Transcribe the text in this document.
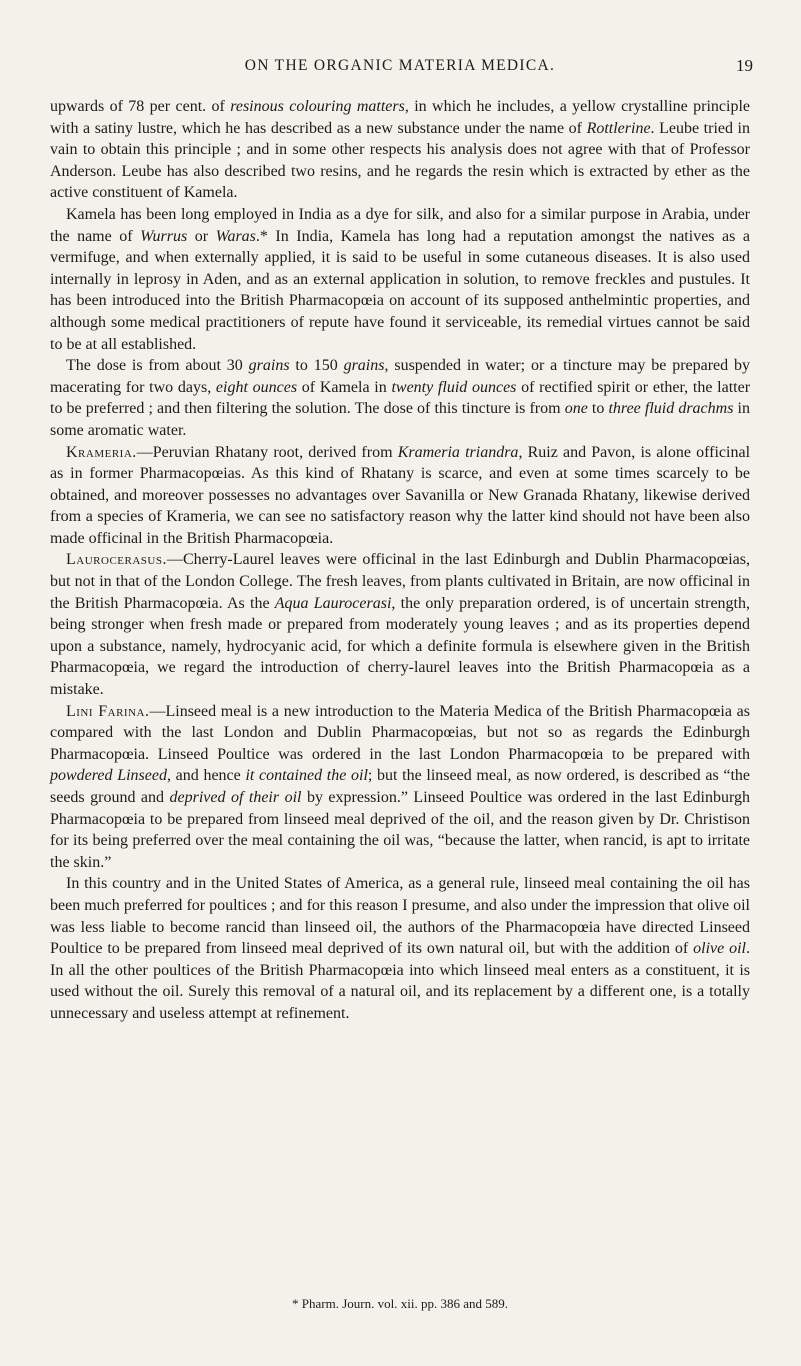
ON THE ORGANIC MATERIA MEDICA.	19

upwards of 78 per cent. of resinous colouring matters, in which he includes, a yellow crystalline principle with a satiny lustre, which he has described as a new substance under the name of Rottlerine. Leube tried in vain to obtain this principle ; and in some other respects his analysis does not agree with that of Professor Anderson. Leube has also described two resins, and he regards the resin which is extracted by ether as the active constituent of Kamela.

Kamela has been long employed in India as a dye for silk, and also for a similar purpose in Arabia, under the name of Wurrus or Waras.* In India, Kamela has long had a reputation amongst the natives as a vermifuge, and when externally applied, it is said to be useful in some cutaneous diseases. It is also used internally in leprosy in Aden, and as an external application in solution, to remove freckles and pustules. It has been introduced into the British Pharmacopœia on account of its supposed anthelmintic properties, and although some medical practitioners of repute have found it serviceable, its remedial virtues cannot be said to be at all established.

The dose is from about 30 grains to 150 grains, suspended in water; or a tincture may be prepared by macerating for two days, eight ounces of Kamela in twenty fluid ounces of rectified spirit or ether, the latter to be preferred ; and then filtering the solution. The dose of this tincture is from one to three fluid drachms in some aromatic water.

Krameria.—Peruvian Rhatany root, derived from Krameria triandra, Ruiz and Pavon, is alone officinal as in former Pharmacopœias. As this kind of Rhatany is scarce, and even at some times scarcely to be obtained, and moreover possesses no advantages over Savanilla or New Granada Rhatany, likewise derived from a species of Krameria, we can see no satisfactory reason why the latter kind should not have been also made officinal in the British Pharmacopœia.

Laurocerasus.—Cherry-Laurel leaves were officinal in the last Edinburgh and Dublin Pharmacopœias, but not in that of the London College. The fresh leaves, from plants cultivated in Britain, are now officinal in the British Pharmacopœia. As the Aqua Laurocerasi, the only preparation ordered, is of uncertain strength, being stronger when fresh made or prepared from moderately young leaves ; and as its properties depend upon a substance, namely, hydrocyanic acid, for which a definite formula is elsewhere given in the British Pharmacopœia, we regard the introduction of cherry-laurel leaves into the British Pharmacopœia as a mistake.

Lini Farina.—Linseed meal is a new introduction to the Materia Medica of the British Pharmacopœia as compared with the last London and Dublin Pharmacopœias, but not so as regards the Edinburgh Pharmacopœia. Linseed Poultice was ordered in the last London Pharmacopœia to be prepared with powdered Linseed, and hence it contained the oil; but the linseed meal, as now ordered, is described as “the seeds ground and deprived of their oil by expression.” Linseed Poultice was ordered in the last Edinburgh Pharmacopœia to be prepared from linseed meal deprived of the oil, and the reason given by Dr. Christison for its being preferred over the meal containing the oil was, “because the latter, when rancid, is apt to irritate the skin.”

In this country and in the United States of America, as a general rule, linseed meal containing the oil has been much preferred for poultices ; and for this reason I presume, and also under the impression that olive oil was less liable to become rancid than linseed oil, the authors of the Pharmacopœia have directed Linseed Poultice to be prepared from linseed meal deprived of its own natural oil, but with the addition of olive oil. In all the other poultices of the British Pharmacopœia into which linseed meal enters as a constituent, it is used without the oil. Surely this removal of a natural oil, and its replacement by a different one, is a totally unnecessary and useless attempt at refinement.

* Pharm. Journ. vol. xii. pp. 386 and 589.
